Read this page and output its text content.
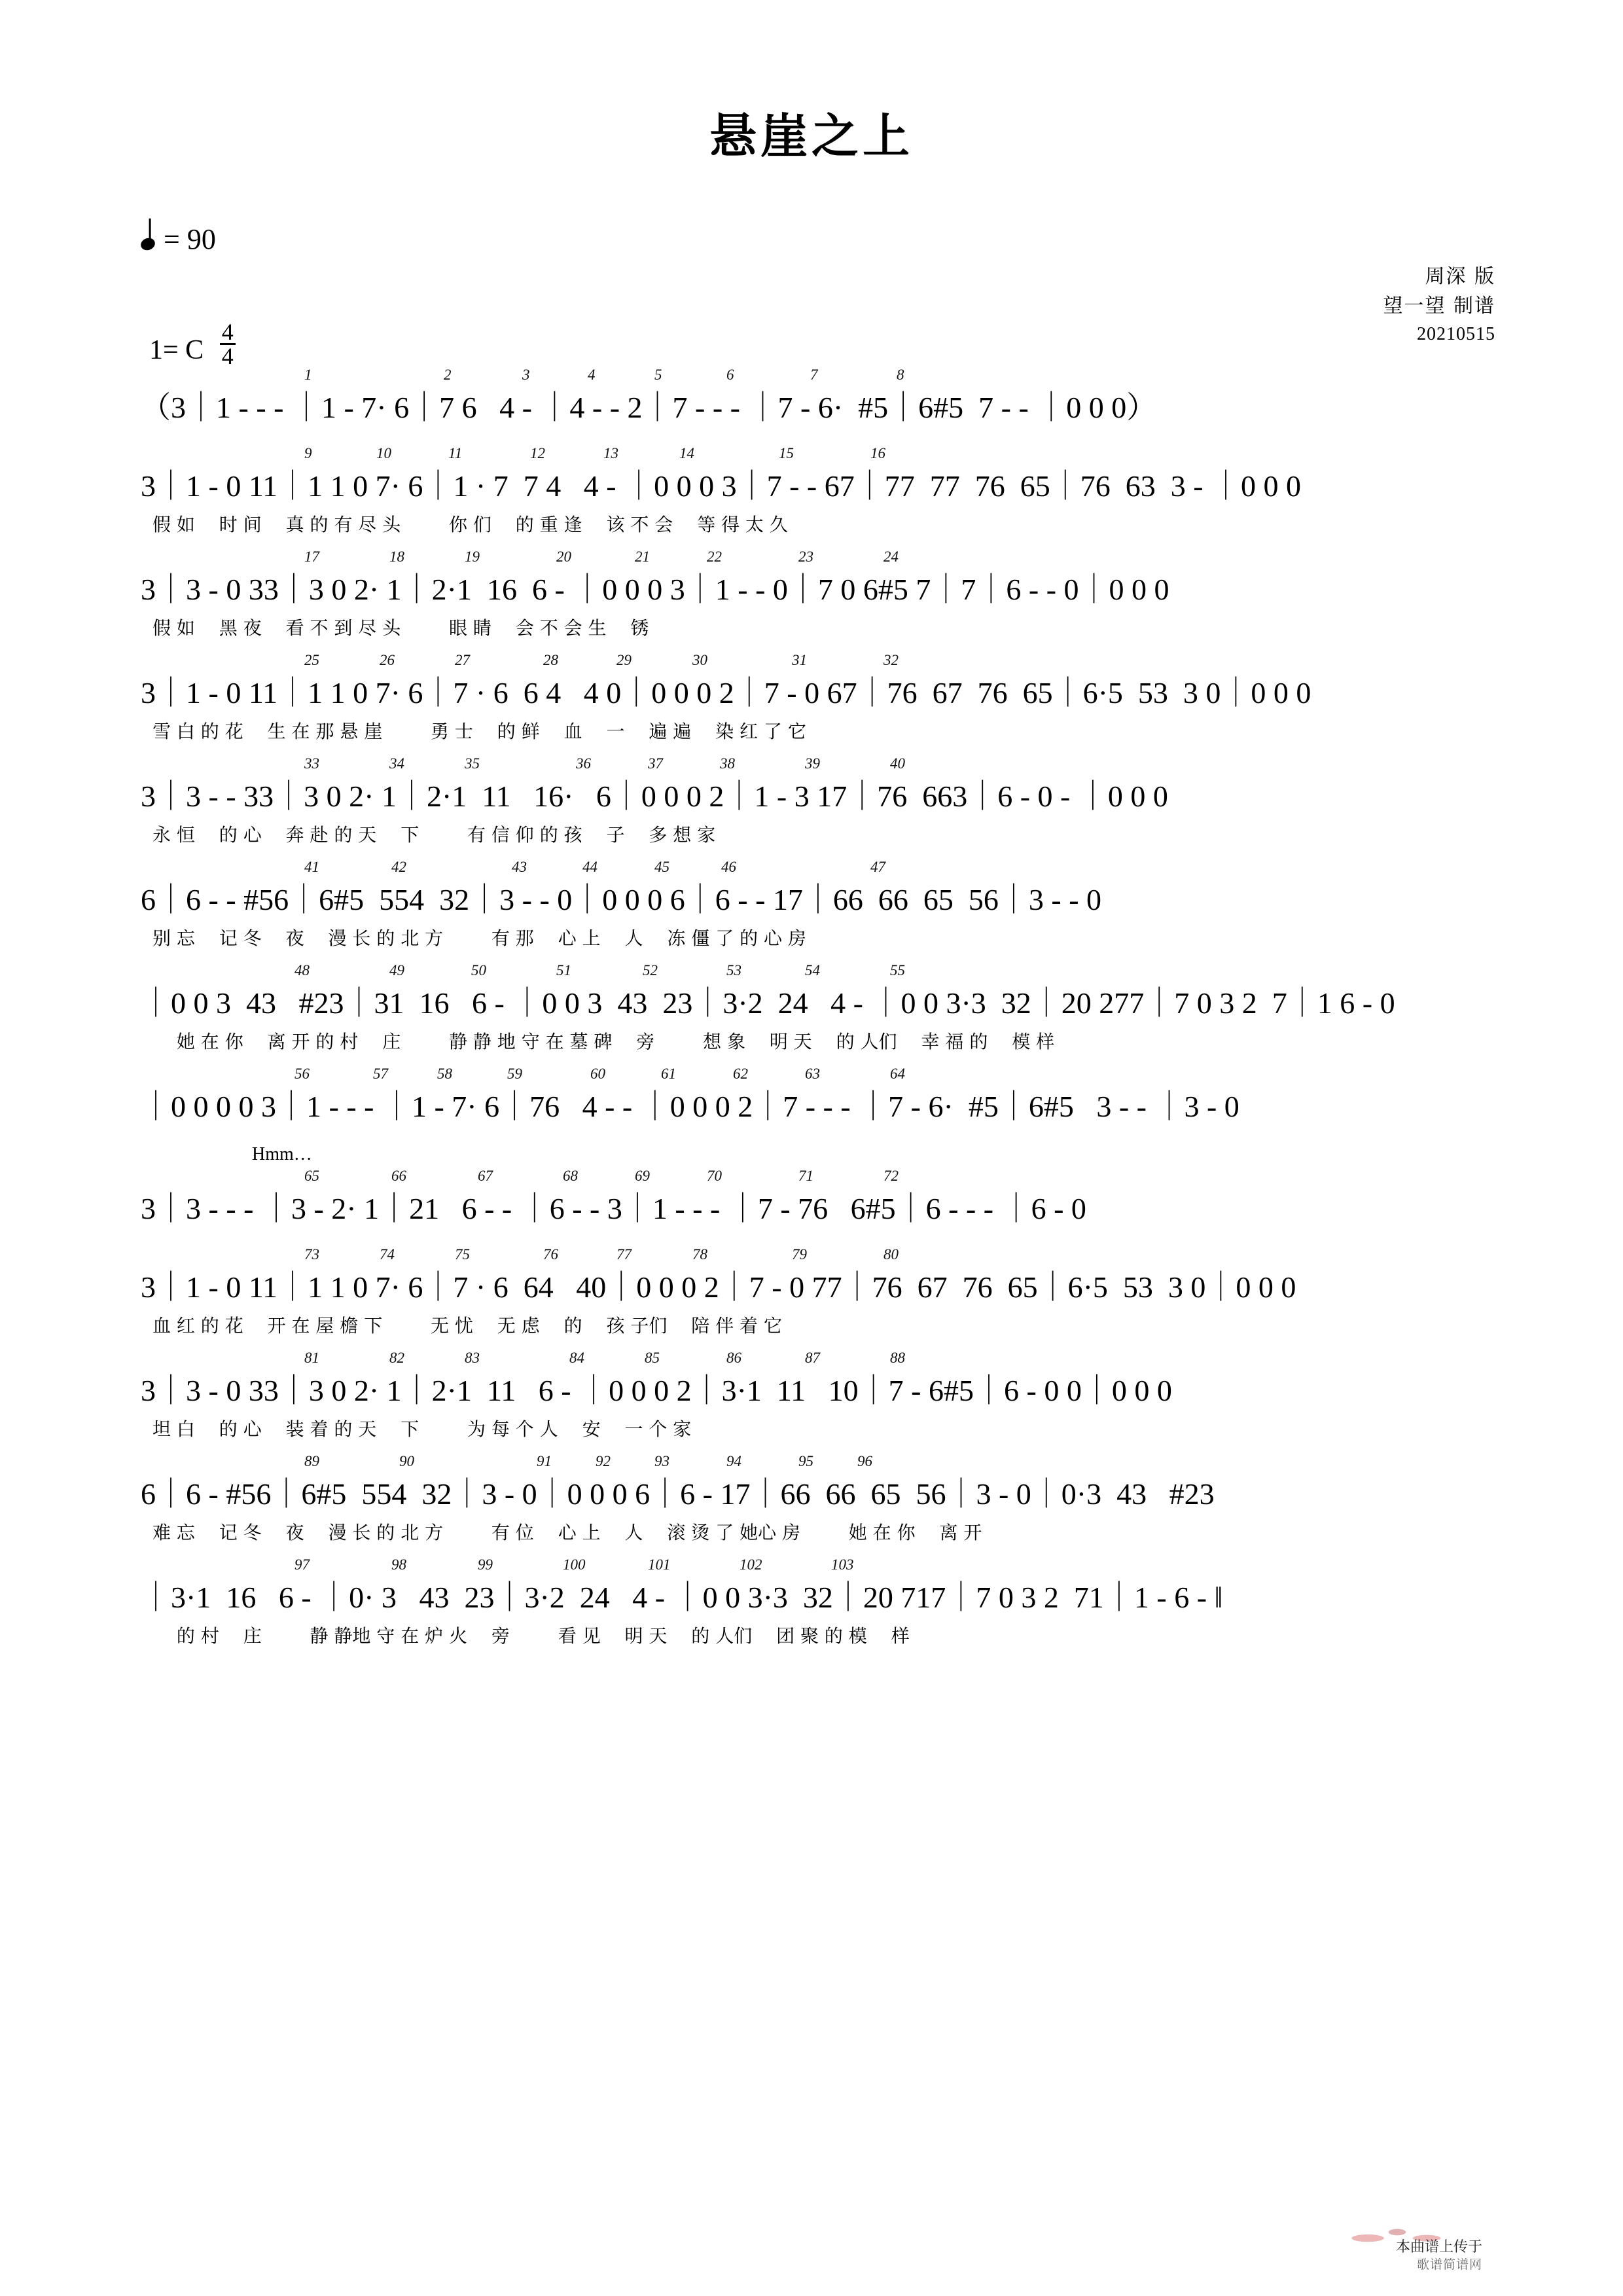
悬崖之上
= 90
1= C $\frac{4}{4}$
周深 版
望一望 制谱
20210515
1	2	3	4	5	6	7	8
（3｜1 - - - ｜1 - 7· 6｜7 6   4 - ｜4 - - 2｜7 - - - ｜7 - 6·  #5｜6#5  7 - - ｜0 0 0）
9	10	11	12	13	14	15	16
3｜1 - 0 11｜1 1 0 7· 6｜1 · 7  7 4   4 - ｜0 0 0 3｜7 - - 67｜77  77  76  65｜76  63  3 - ｜0 0 0
假 如　 时 间　 真 的 有 尽 头 　　 你 们　 的 重 逢　 该 不 会　 等 得 太 久
17	18	19	20	21	22	23	24
3｜3 - 0 33｜3 0 2· 1｜2·1  16  6 - ｜0 0 0 3｜1 - - 0｜7 0 6#5 7｜7｜6 - - 0｜0 0 0
假 如　 黑 夜　 看 不 到 尽 头 　　 眼 睛　 会 不 会 生　 锈
25	26	27	28	29	30	31	32
3｜1 - 0 11｜1 1 0 7· 6｜7 · 6  6 4   4 0｜0 0 0 2｜7 - 0 67｜76  67  76  65｜6·5  53  3 0｜0 0 0
雪 白 的 花　 生 在 那 悬 崖 　　 勇 士　 的 鲜　 血　 一　 遍 遍　 染 红 了 它
33	34	35	36	37	38	39	40
3｜3 - - 33｜3 0 2· 1｜2·1  11   16·   6｜0 0 0 2｜1 - 3 17｜76  663｜6 - 0 - ｜0 0 0
永 恒　 的 心　 奔 赴 的 天　 下 　　 有 信 仰 的 孩　 子　 多 想 家
41	42	43	44	45	46	47
6｜6 - - #56｜6#5  554  32｜3 - - 0｜0 0 0 6｜6 - - 17｜66  66  65  56｜3 - - 0
别 忘　 记 冬　 夜　 漫 长 的 北 方 　　 有 那　 心 上　 人　 冻 僵 了 的 心 房
48	49	50	51	52	53	54	55
｜0 0 3  43   #23｜31  16   6 - ｜0 0 3  43  23｜3·2  24   4 - ｜0 0 3·3  32｜20 277｜7 0 3 2  7｜1 6 - 0
　 她 在 你　 离 开 的 村　 庄 　　 静 静 地 守 在 墓 碑　 旁 　　 想 象　 明 天　 的 人们　 幸 福 的　 模 样
56	57	58	59	60	61	62	63	64
｜0 0 0 0 3｜1 - - - ｜1 - 7· 6｜76   4 - - ｜0 0 0 2｜7 - - - ｜7 - 6·  #5｜6#5   3 - - ｜3 - 0
Hmm…
65	66	67	68	69	70	71	72
3｜3 - - - ｜3 - 2· 1｜21   6 - - ｜6 - - 3｜1 - - - ｜7 - 76   6#5｜6 - - - ｜6 - 0
73	74	75	76	77	78	79	80
3｜1 - 0 11｜1 1 0 7· 6｜7 · 6  64   40｜0 0 0 2｜7 - 0 77｜76  67  76  65｜6·5  53  3 0｜0 0 0
血 红 的 花　 开 在 屋 檐 下 　　 无 忧　 无 虑　 的　 孩 子们　 陪 伴 着 它
81	82	83	84	85	86	87	88
3｜3 - 0 33｜3 0 2· 1｜2·1  11   6 - ｜0 0 0 2｜3·1  11   10｜7 - 6#5｜6 - 0 0｜0 0 0
坦 白　 的 心　 装 着 的 天　 下 　　 为 每 个 人　 安　 一 个 家
89	90	91	92	93	94	95	96
6｜6 - #56｜6#5  554  32｜3 - 0｜0 0 0 6｜6 - 17｜66  66  65  56｜3 - 0｜0·3  43   #23
难 忘　 记 冬　 夜　 漫 长 的 北 方 　　 有 位　 心 上　 人　 滚 烫 了 她心 房 　　 她 在 你　 离 开
97	98	99	100	101	102	103
｜3·1  16   6 - ｜0· 3   43  23｜3·2  24   4 - ｜0 0 3·3  32｜20 717｜7 0 3 2  71｜1 - 6 - ‖
　 的 村　 庄 　　 静 静地 守 在 炉 火　 旁 　　 看 见　 明 天　 的 人们　 团 聚 的 模　 样
本曲谱上传于
歌谱简谱网
